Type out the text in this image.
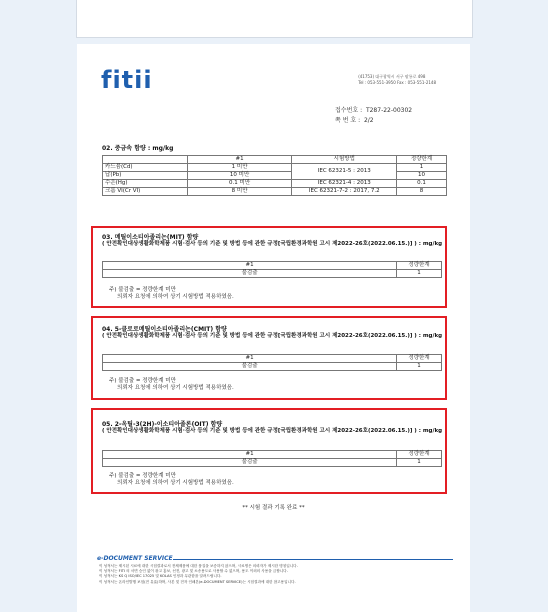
fitii	(41753) 대구광역시 서구 팔룡로 498
Tel : 053-551-3950 Fax : 053-551-2148
접수번호 : T287-22-00302
쪽 번 호 : 2/2
02. 중금속 함량 : mg/kg
	#1	시험방법	정량한계
카드뮴(Cd)	1 미만	IEC 62321-5 : 2013	1
납(Pb)	10 미만		10
수은(Hg)	0.1 미만	IEC 62321-4 : 2013	0.1
크롬 VI(Cr VI)	8 미만	IEC 62321-7-2 : 2017, 7.2	8
03. 메틸이소티아졸리논(MIT) 함량
( 안전확인대상생활화학제품 시험·검사 등의 기준 및 방법 등에 관한 규정[국립환경과학원 고시 제2022-26호(2022.06.15.)] ) : mg/kg
#1	정량한계
불검출	1
주) 불검출 = 정량한계 미만
의뢰자 요청에 의하여 상기 시험방법 적용하였음.
04. 5-클로로메틸이소티아졸리논(CMIT) 함량
( 안전확인대상생활화학제품 시험·검사 등의 기준 및 방법 등에 관한 규정[국립환경과학원 고시 제2022-26호(2022.06.15.)] ) : mg/kg
#1	정량한계
불검출	1
주) 불검출 = 정량한계 미만
의뢰자 요청에 의하여 상기 시험방법 적용하였음.
05. 2-옥틸-3(2H)-이소티아졸론(OIT) 함량
( 안전확인대상생활화학제품 시험·검사 등의 기준 및 방법 등에 관한 규정[국립환경과학원 고시 제2022-26호(2022.06.15.)] ) : mg/kg
#1	정량한계
불검출	1
주) 불검출 = 정량한계 미만
의뢰자 요청에 의하여 상기 시험방법 적용하였음.
** 시험 결과 기록 완료 **
e-DOCUMENT SERVICE
이 성적서는 제시된 시료에 대한 시험결과로서 전체제품에 대한 품질을 보증하지 않으며, 시료명은 의뢰자가 제시한 명칭입니다.
이 성적서는 FITI 의 서면 승인 없이 광고 홍보, 선전, 광고 및 소송용도로 사용할 수 없으며, 용도 이외의 사용을 금합니다.
이 성적서는 KS Q ISO/IEC 17025 및 KOLAS 인정과 무관함을 알려드립니다.
이 성적서는 온라인발행 보험(전 유효)하며, 사본 및 전자 인쇄본(e-DOCUMENT SERVICE)는 시험결과에 대한 참고용입니다.
